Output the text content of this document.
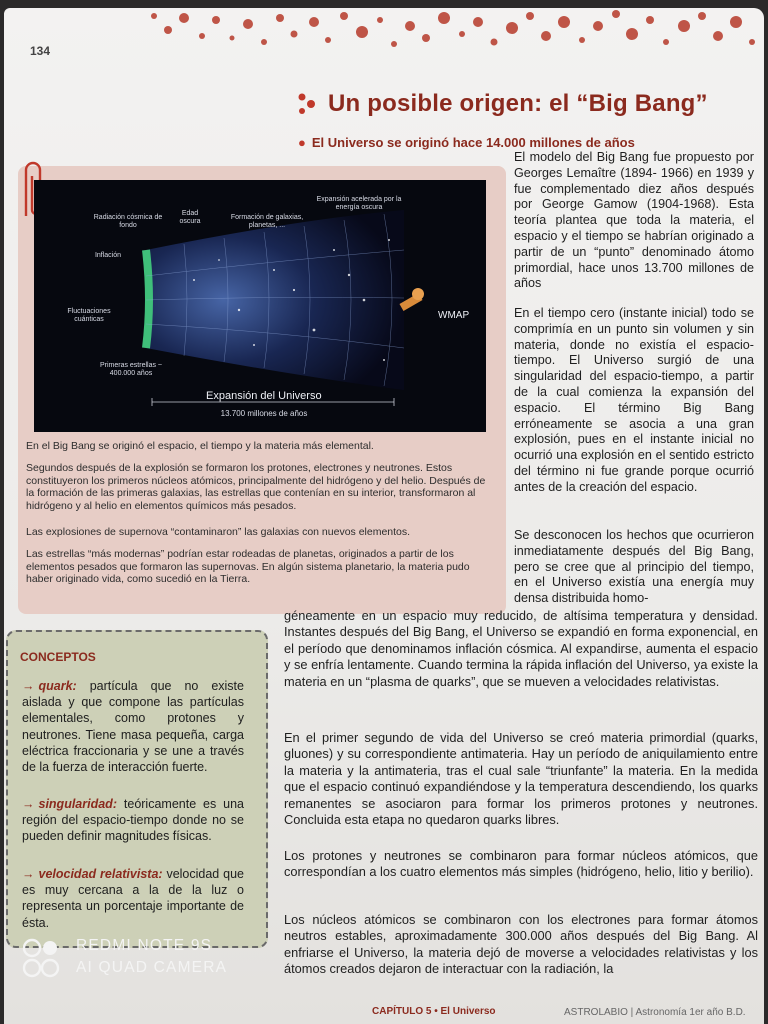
134
Un posible origen: el “Big Bang”
● El Universo se originó hace 14.000 millones de años
Radiación cósmica de fondo
Edad oscura
Formación de galaxias, planetas, ...
Expansión acelerada por la energía oscura
Inflación
Fluctuaciones cuánticas
Primeras estrellas ~ 400.000 años
WMAP
Expansión del Universo
13.700 millones de años
En el Big Bang se originó el espacio, el tiempo y la materia más elemental.
Segundos después de la explosión se formaron los protones, electrones y neutrones. Estos constituyeron los primeros núcleos atómicos, principalmente del hidrógeno y del helio. Después de la formación de las primeras galaxias, las estrellas que contenían en su interior, transformaron al hidrógeno y al helio en elementos químicos más pesados.
Las explosiones de supernova “contaminaron” las galaxias con nuevos elementos.
Las estrellas “más modernas” podrían estar rodeadas de planetas, originados a partir de los elementos pesados que formaron las supernovas. En algún sistema planetario, la materia pudo haber originado vida, como sucedió en la Tierra.
El modelo del Big Bang fue propuesto por Georges Lemaître (1894- 1966) en 1939 y fue complementado diez años después por George Gamow (1904-1968). Esta teoría plantea que toda la materia, el espacio y el tiempo se habrían originado a partir de un “punto” denominado átomo primordial, hace unos 13.700 millones de años
En el tiempo cero (instante inicial) todo se comprimía en un punto sin volumen y sin materia, donde no existía el espacio-tiempo. El Universo surgió de una singularidad del espacio-tiempo, a partir de la cual comienza la expansión del espacio. El término Big Bang erróneamente se asocia a una gran explosión, pues en el instante inicial no ocurrió una explosión en el sentido estricto del término ni fue grande porque ocurrió antes de la creación del espacio.
Se desconocen los hechos que ocurrieron inmediatamente después del Big Bang, pero se cree que al principio del tiempo, en el Universo existía una energía muy densa distribuida homo-
géneamente en un espacio muy reducido, de altísima temperatura y densidad. Instantes después del Big Bang, el Universo se expandió en forma exponencial, en el período que denominamos inflación cósmica. Al expandirse, aumenta el espacio y se enfría lentamente. Cuando termina la rápida inflación del Universo, ya existe la materia en un “plasma de quarks”, que se mueven a velocidades relativistas.
En el primer segundo de vida del Universo se creó materia primordial (quarks, gluones) y su correspondiente antimateria. Hay un período de aniquilamiento entre la materia y la antimateria, tras el cual sale “triunfante” la materia. En la medida que el espacio continuó expandiéndose y la temperatura descendiendo, los quarks remanentes se asociaron para formar los primeros protones y neutrones. Concluida esta etapa no quedaron quarks libres.
Los protones y neutrones se combinaron para formar núcleos atómicos, que correspondían a los cuatro elementos más simples (hidrógeno, helio, litio y berilio).
Los núcleos atómicos se combinaron con los electrones para formar átomos neutros estables, aproximadamente 300.000 años después del Big Bang. Al enfriarse el Universo, la materia dejó de moverse a velocidades relativistas y los átomos creados dejaron de interactuar con la radiación, la
CONCEPTOS
→ quark: partícula que no existe aislada y que compone las partículas elementales, como protones y neutrones. Tiene masa pequeña, carga eléctrica fraccionaria y se une a través de la fuerza de interacción fuerte.
→ singularidad: teóricamente es una región del espacio-tiempo donde no se pueden definir magnitudes físicas.
→ velocidad relativista: velocidad que es muy cercana a la de la luz o representa un porcentaje importante de ésta.
CAPÍTULO 5 • El Universo	ASTROLABIO | Astronomía 1er año B.D.
REDMI NOTE 9S
AI QUAD CAMERA
